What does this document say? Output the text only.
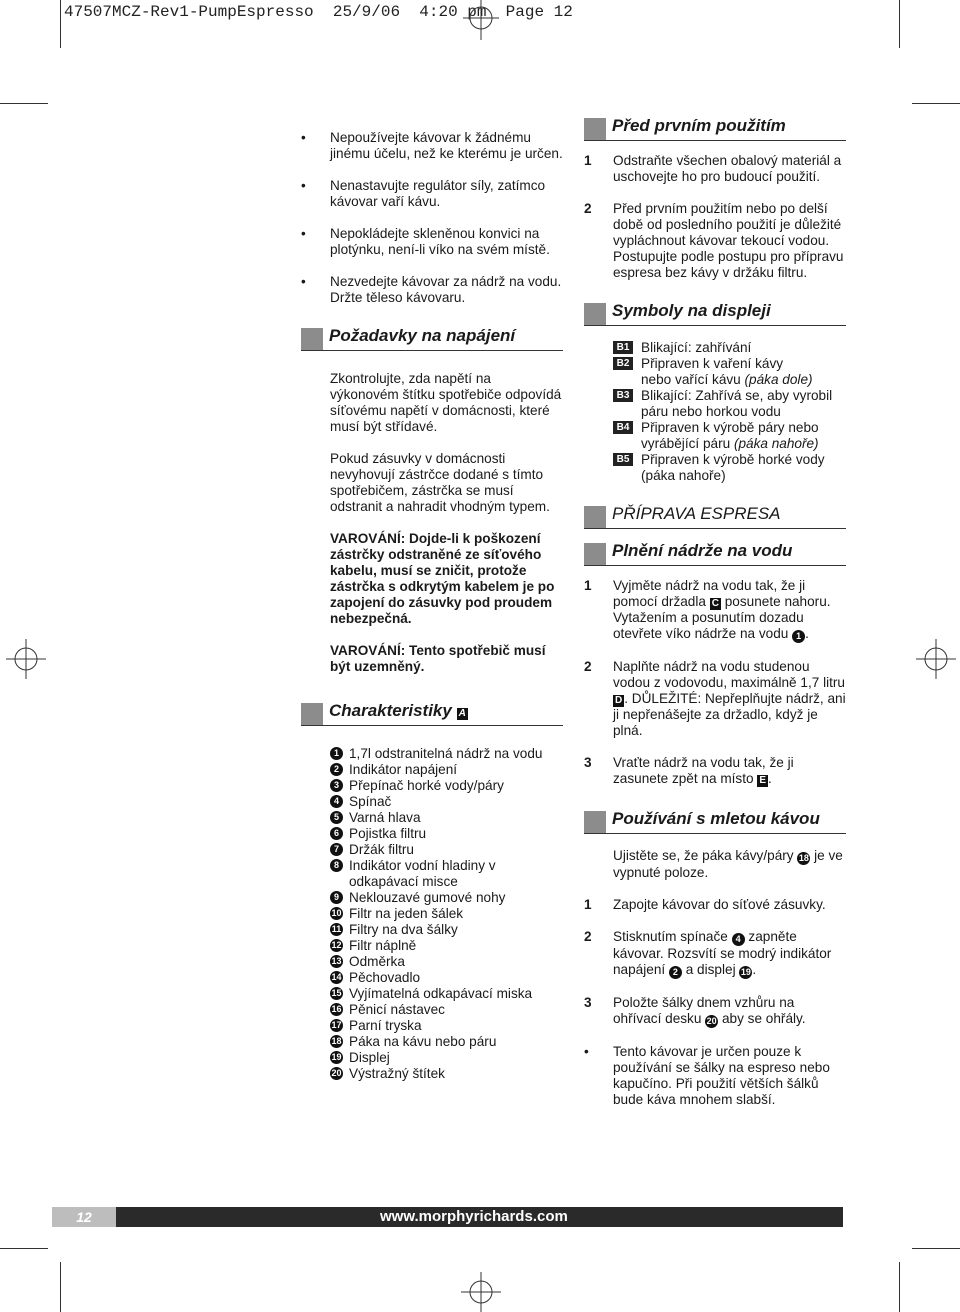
47507MCZ-Rev1-PumpEspresso  25/9/06  4:20 pm  Page 12
• Nepoužívejte kávovar k žádnému jinému účelu, než ke kterému je určen.
• Nenastavujte regulátor síly, zatímco kávovar vaří kávu.
• Nepokládejte skleněnou konvici na plotýnku, není-li víko na svém místě.
• Nezvedejte kávovar za nádrž na vodu. Držte těleso kávovaru.
Požadavky na napájení
Zkontrolujte, zda napětí na výkonovém štítku spotřebiče odpovídá síťovému napětí v domácnosti, které musí být střídavé.
Pokud zásuvky v domácnosti nevyhovují zástrčce dodané s tímto spotřebičem, zástrčka se musí odstranit a nahradit vhodným typem.
VAROVÁNÍ: Dojde-li k poškození zástrčky odstraněné ze síťového kabelu, musí se zničit, protože zástrčka s odkrytým kabelem je po zapojení do zásuvky pod proudem nebezpečná.
VAROVÁNÍ: Tento spotřebič musí být uzemněný.
Charakteristiky A
1 1,7l odstranitelná nádrž na vodu
2 Indikátor napájení
3 Přepínač horké vody/páry
4 Spínač
5 Varná hlava
6 Pojistka filtru
7 Držák filtru
8 Indikátor vodní hladiny v odkapávací misce
9 Neklouzavé gumové nohy
10 Filtr na jeden šálek
11 Filtry na dva šálky
12 Filtr náplně
13 Odměrka
14 Pěchovadlo
15 Vyjímatelná odkapávací miska
16 Pěnicí nástavec
17 Parní tryska
18 Páka na kávu nebo páru
19 Displej
20 Výstražný štítek
Před prvním použitím
1 Odstraňte všechen obalový materiál a uschovejte ho pro budoucí použití.
2 Před prvním použitím nebo po delší době od posledního použití je důležité vypláchnout kávovar tekoucí vodou. Postupujte podle postupu pro přípravu espresa bez kávy v držáku filtru.
Symboly na displeji
B1 Blikající: zahřívání
B2 Připraven k vaření kávy
nebo vařící kávu (páka dole)
B3 Blikající: Zahřívá se, aby vyrobil
páru nebo horkou vodu
B4 Připraven k výrobě páry nebo
vyrábějící páru (páka nahoře)
B5 Připraven k výrobě horké vody
(páka nahoře)
PŘÍPRAVA ESPRESA
Plnění nádrže na vodu
1 Vyjměte nádrž na vodu tak, že ji pomocí držadla C posunete nahoru. Vytažením a posunutím dozadu otevřete víko nádrže na vodu 1 .
2 Naplňte nádrž na vodu studenou vodou z vodovodu, maximálně 1,7 litru D . DŮLEŽITÉ: Nepřeplňujte nádrž, ani ji nepřenášejte za držadlo, když je plná.
3 Vraťte nádrž na vodu tak, že ji zasunete zpět na místo E .
Používání s mletou kávou
Ujistěte se, že páka kávy/páry 18 je ve vypnuté poloze.
1 Zapojte kávovar do síťové zásuvky.
2 Stisknutím spínače 4 zapněte kávovar. Rozsvítí se modrý indikátor napájení 2 a displej 19 .
3 Položte šálky dnem vzhůru na ohřívací desku 20 aby se ohřály.
• Tento kávovar je určen pouze k používání se šálky na espreso nebo kapučíno. Při použití větších šálků bude káva mnohem slabší.
12	www.morphyrichards.com
